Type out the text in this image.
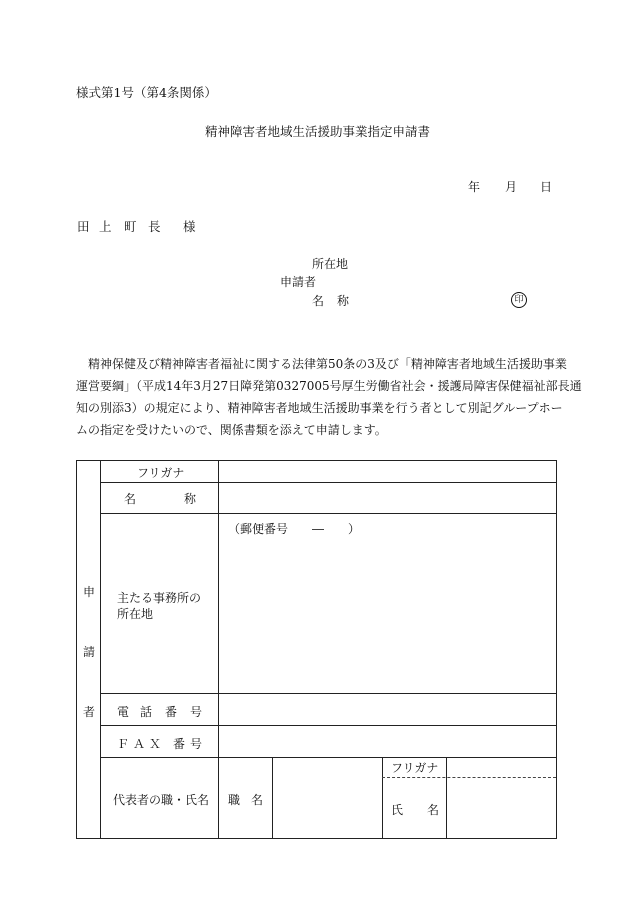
様式第1号（第4条関係）
精神障害者地域生活援助事業指定申請書
年 月 日
田 上 町 長 様
所在地
申請者
名 称	印

精神保健及び精神障害者福祉に関する法律第50条の3及び「精神障害者地域生活援助事業

運営要綱」（平成14年3月27日障発第0327005号厚生労働省社会・援護局障害保健福祉部長通

知の別添3）の規定により、精神障害者地域生活援助事業を行う者として別記グループホー

ムの指定を受けたいので、関係書類を添えて申請します。

申
請
者
フリガナ
名	称
（郵便番号　　―　　）
主たる事務所の
所在地
電 話 番 号
Ｆ Ａ Ｘ 番 号
代表者の職・氏名 職 名
フリガナ
氏 名
